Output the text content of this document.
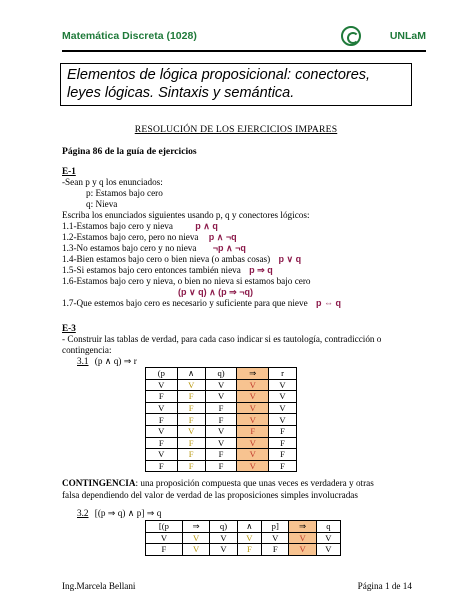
Matemática Discreta (1028)	UNLaM
Elementos de lógica proposicional: conectores,
leyes lógicas. Sintaxis y semántica.
RESOLUCIÓN DE LOS EJERCICIOS IMPARES
Página 86 de la guía de ejercicios
E-1
-Sean p y q los enunciados:
p: Estamos bajo cero
q: Nieva
Escriba los enunciados siguientes usando p, q y conectores lógicos:
1.1-Estamos bajo cero y nieva p ∧ q
1.2-Estamos bajo cero, pero no nieva p ∧ ¬q
1.3-No estamos bajo cero y no nieva ¬p ∧ ¬q
1.4-Bien estamos bajo cero o bien nieva (o ambas cosas) p ∨ q
1.5-Si estamos bajo cero entonces también nieva p ⇒ q
1.6-Estamos bajo cero y nieva, o bien no nieva si estamos bajo cero
(p ∨ q) ∧ (p ⇒ ¬q)
1.7-Que estemos bajo cero es necesario y suficiente para que nieve p ⇔ q
E-3
- Construir las tablas de verdad, para cada caso indicar si es tautología, contradicción o
contingencia:
3.1 (p ∧ q) ⇒ r
(p	∧	q)	⇒	r
V	V	V	V	V
F	F	V	V	V
V	F	F	V	V
F	F	F	V	V
V	V	V	F	F
F	F	V	V	F
V	F	F	V	F
F	F	F	V	F
CONTINGENCIA: una proposición compuesta que unas veces es verdadera y otras
falsa dependiendo del valor de verdad de las proposiciones simples involucradas
3.2 [(p ⇒ q) ∧ p] ⇒ q
[(p	⇒	q)	∧	p]	⇒	q
V	V	V	V	V	V	V
F	V	V	F	F	V	V
Ing.Marcela Bellani	Página 1 de 14
